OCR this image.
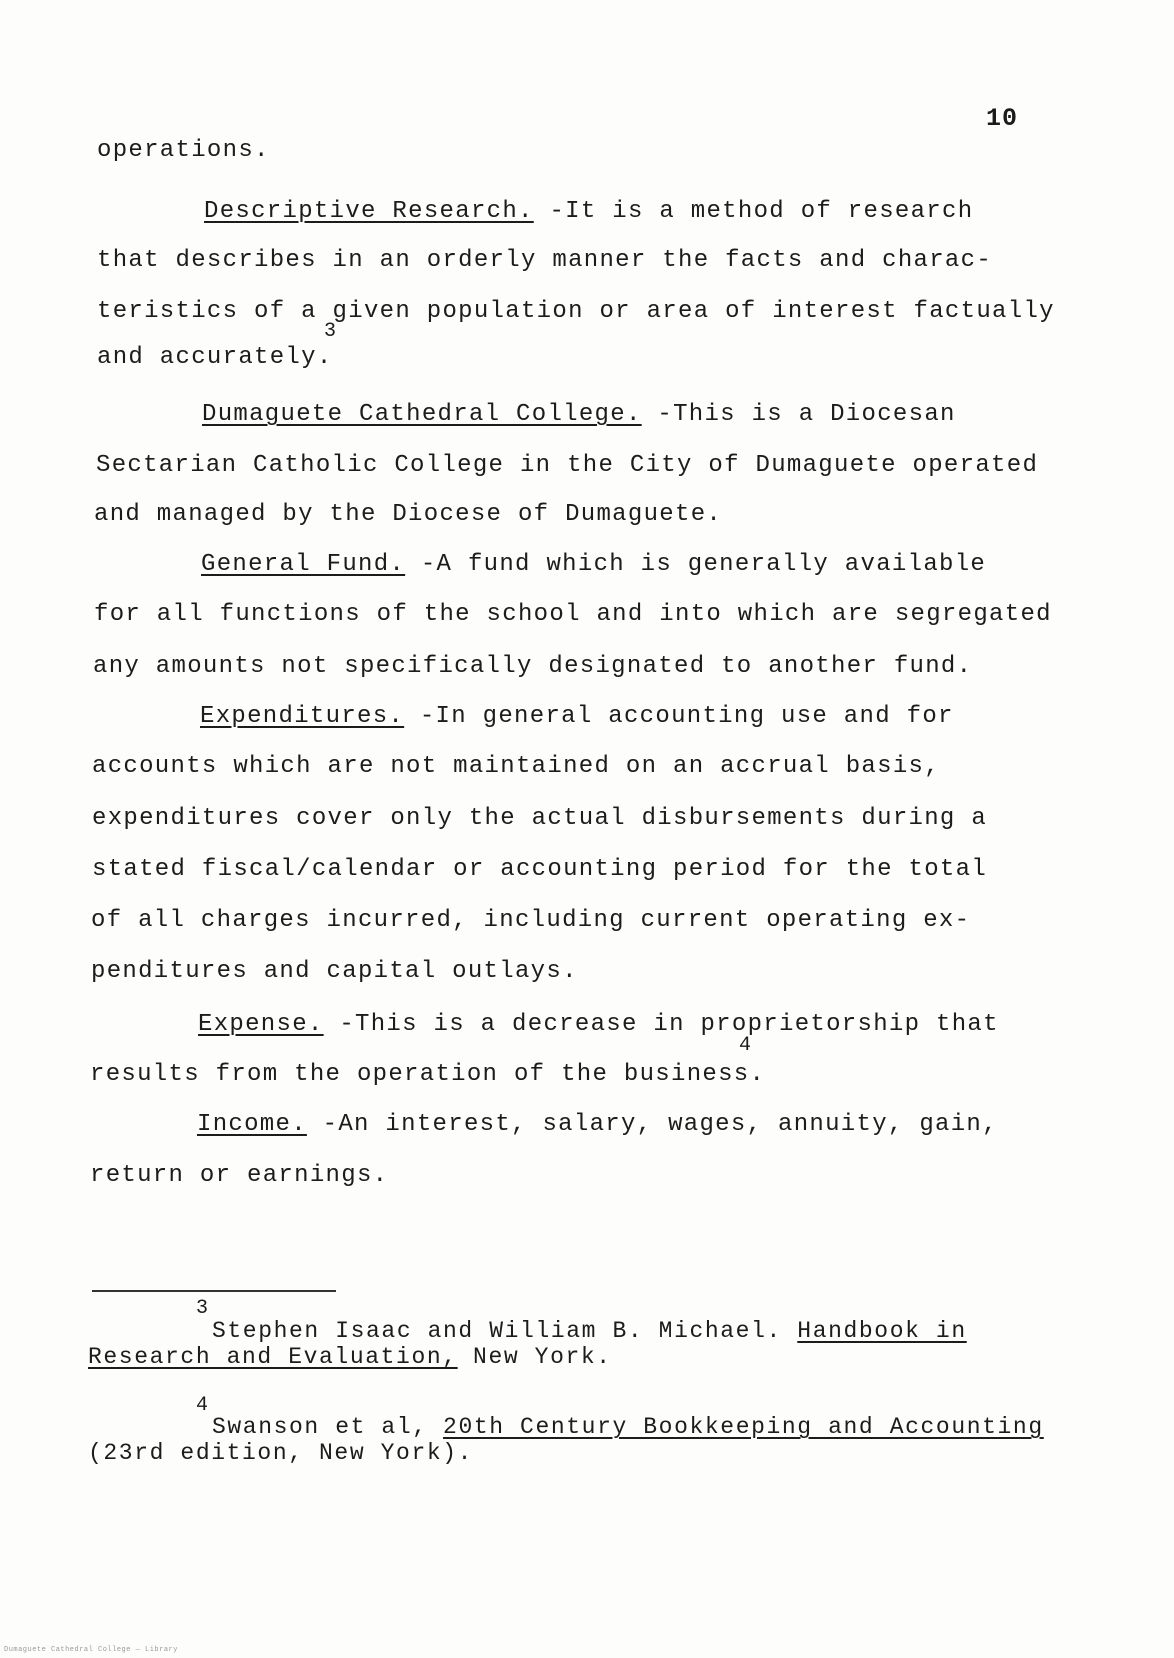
10
operations.
Descriptive Research. -It is a method of research
that describes in an orderly manner the facts and charac-
teristics of a given population or area of interest factually
3
and accurately.
Dumaguete Cathedral College. -This is a Diocesan
Sectarian Catholic College in the City of Dumaguete operated
and managed by the Diocese of Dumaguete.
General Fund. -A fund which is generally available
for all functions of the school and into which are segregated
any amounts not specifically designated to another fund.
Expenditures. -In general accounting use and for
accounts which are not maintained on an accrual basis,
expenditures cover only the actual disbursements during a
stated fiscal/calendar or accounting period for the total
of all charges incurred, including current operating ex-
penditures and capital outlays.
Expense. -This is a decrease in proprietorship that
4
results from the operation of the business.
Income. -An interest, salary, wages, annuity, gain,
return or earnings.
3
Stephen Isaac and William B. Michael. Handbook in
Research and Evaluation, New York.
4
Swanson et al, 20th Century Bookkeeping and Accounting
(23rd edition, New York).
Dumaguete Cathedral College — Library
